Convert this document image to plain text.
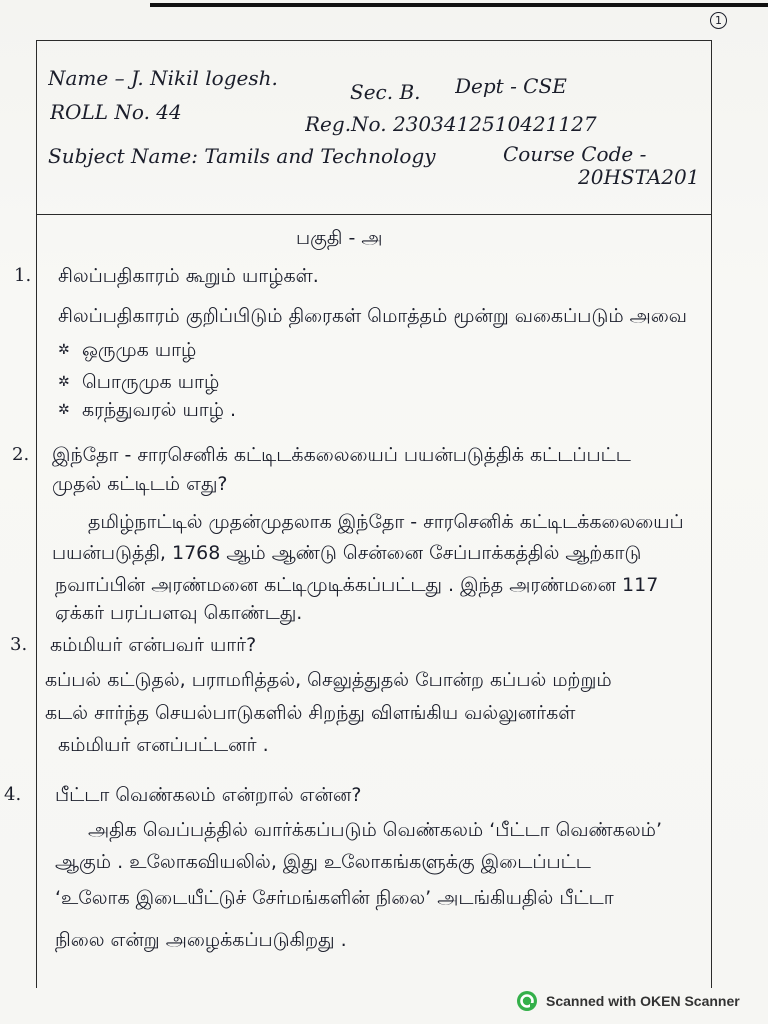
1
Name – J. Nikil logesh.
Sec. B.	Dept - CSE
ROLL No. 44	Reg.No. 2303412510421127
Subject Name: Tamils and Technology	Course Code -
20HSTA201
பகுதி - அ
1. சிலப்பதிகாரம் கூறும் யாழ்கள்.
சிலப்பதிகாரம் குறிப்பிடும் திரைகள் மொத்தம் மூன்று வகைப்படும் அவை
✲
ஒருமுக யாழ்
✲
பொருமுக யாழ்
✲
கரந்துவரல் யாழ் .
2.	இந்தோ - சாரசெனிக் கட்டிடக்கலையைப் பயன்படுத்திக் கட்டப்பட்ட
முதல் கட்டிடம் எது?
தமிழ்நாட்டில் முதன்முதலாக இந்தோ - சாரசெனிக் கட்டிடக்கலையைப்
பயன்படுத்தி, 1768 ஆம் ஆண்டு சென்னை சேப்பாக்கத்தில் ஆற்காடு
நவாப்பின் அரண்மனை கட்டிமுடிக்கப்பட்டது . இந்த அரண்மனை 117
ஏக்கர் பரப்பளவு கொண்டது.
3.	கம்மியர் என்பவர் யார்?
கப்பல் கட்டுதல், பராமரித்தல், செலுத்துதல் போன்ற கப்பல் மற்றும்
கடல் சார்ந்த செயல்பாடுகளில் சிறந்து விளங்கிய வல்லுனர்கள்
கம்மியர் எனப்பட்டனர் .
4.	பீட்டா வெண்கலம் என்றால் என்ன?
அதிக வெப்பத்தில் வார்க்கப்படும் வெண்கலம் ‘பீட்டா வெண்கலம்’
ஆகும் . உலோகவியலில், இது உலோகங்களுக்கு இடைப்பட்ட
‘உலோக இடையீட்டுச் சேர்மங்களின் நிலை’ அடங்கியதில் பீட்டா
நிலை என்று அழைக்கப்படுகிறது .
Scanned with OKEN Scanner
